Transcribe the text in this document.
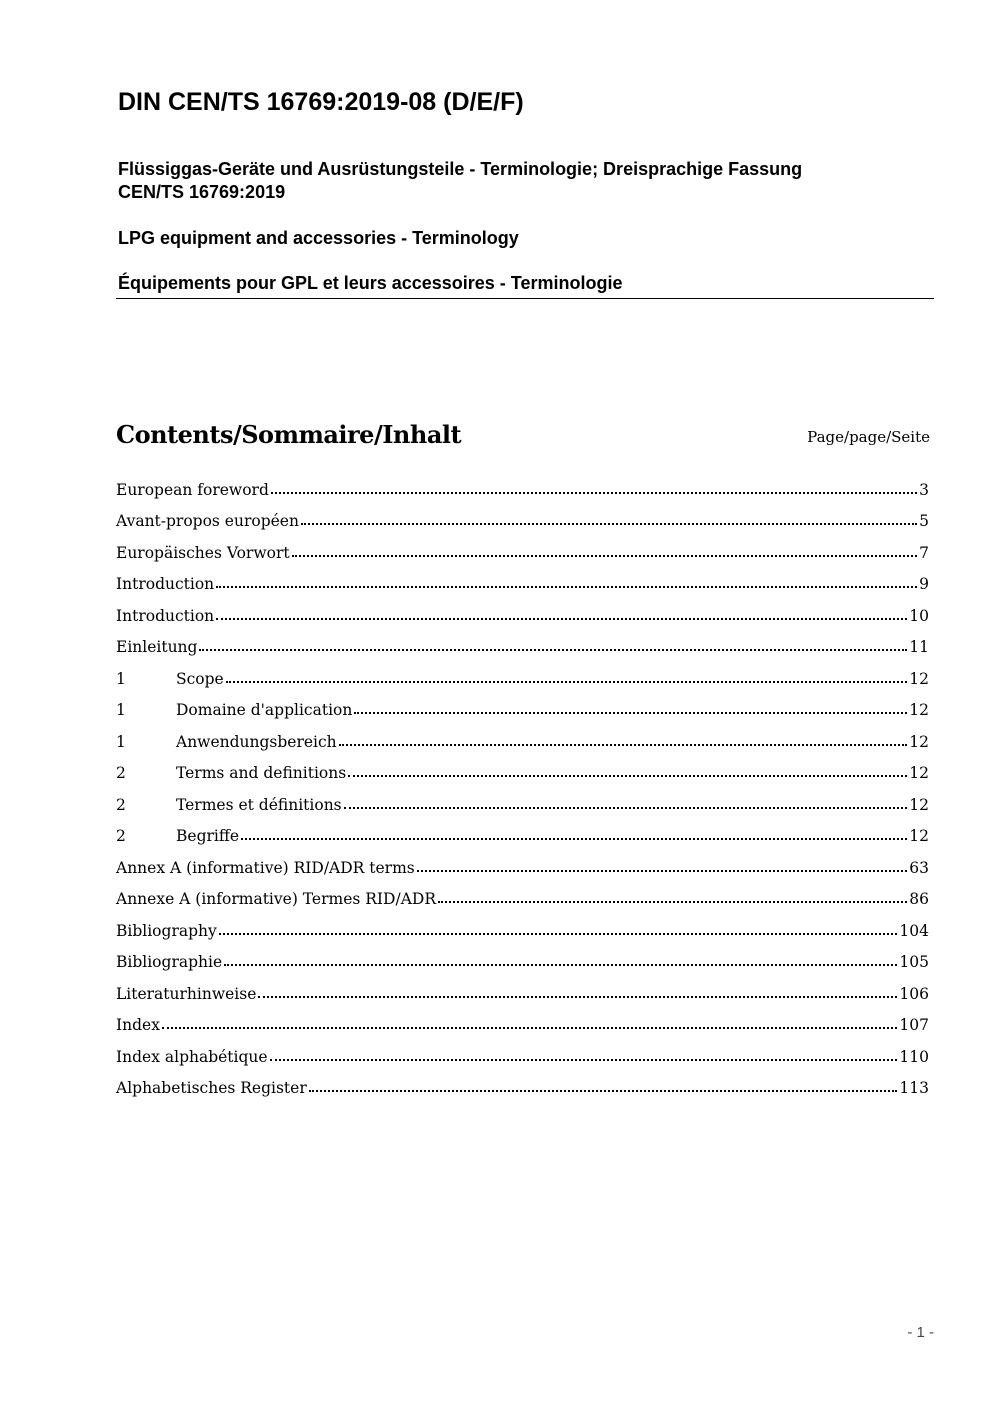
DIN CEN/TS 16769:2019-08 (D/E/F)
Flüssiggas-Geräte und Ausrüstungsteile - Terminologie; Dreisprachige Fassung
CEN/TS 16769:2019
LPG equipment and accessories - Terminology
Équipements pour GPL et leurs accessoires - Terminologie
Contents/Sommaire/Inhalt	Page/page/Seite
European foreword	3
Avant-propos européen	5
Europäisches Vorwort	7
Introduction	9
Introduction	10
Einleitung	11
1	Scope	12
1	Domaine d'application	12
1	Anwendungsbereich	12
2	Terms and definitions	12
2	Termes et définitions	12
2	Begriffe	12
Annex A (informative) RID/ADR terms	63
Annexe A (informative) Termes RID/ADR	86
Bibliography	104
Bibliographie	105
Literaturhinweise	106
Index	107
Index alphabétique	110
Alphabetisches Register	113
- 1 -
